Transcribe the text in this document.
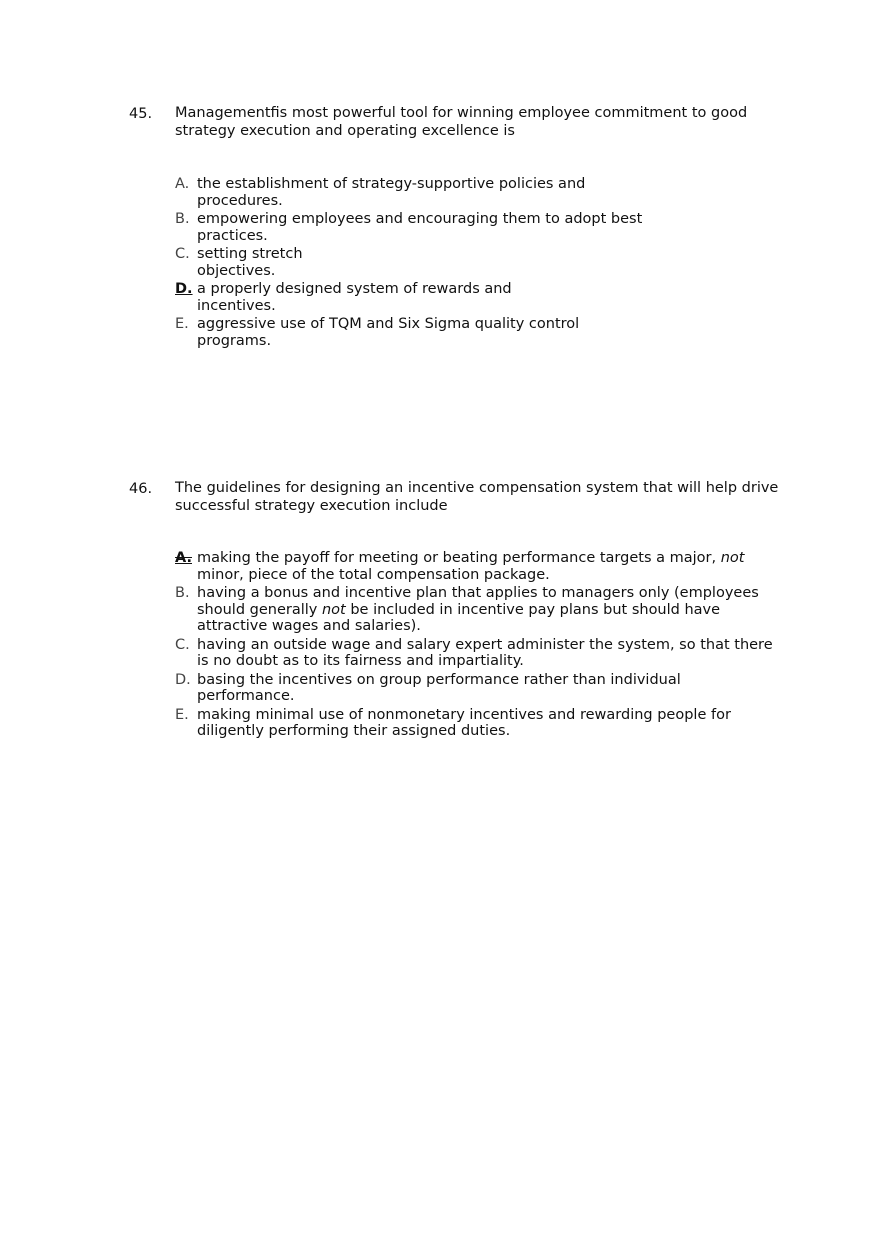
45. Managementfis most powerful tool for winning employee commitment to good
strategy execution and operating excellence is
A. the establishment of strategy-supportive policies and
procedures.
B. empowering employees and encouraging them to adopt best
practices.
C. setting stretch
objectives.
D. a properly designed system of rewards and
incentives.
E. aggressive use of TQM and Six Sigma quality control
programs.
46. The guidelines for designing an incentive compensation system that will help drive
successful strategy execution include
A. making the payoff for meeting or beating performance targets a major, not
minor, piece of the total compensation package.
B. having a bonus and incentive plan that applies to managers only (employees
should generally not be included in incentive pay plans but should have
attractive wages and salaries).
C. having an outside wage and salary expert administer the system, so that there
is no doubt as to its fairness and impartiality.
D. basing the incentives on group performance rather than individual
performance.
E. making minimal use of nonmonetary incentives and rewarding people for
diligently performing their assigned duties.
